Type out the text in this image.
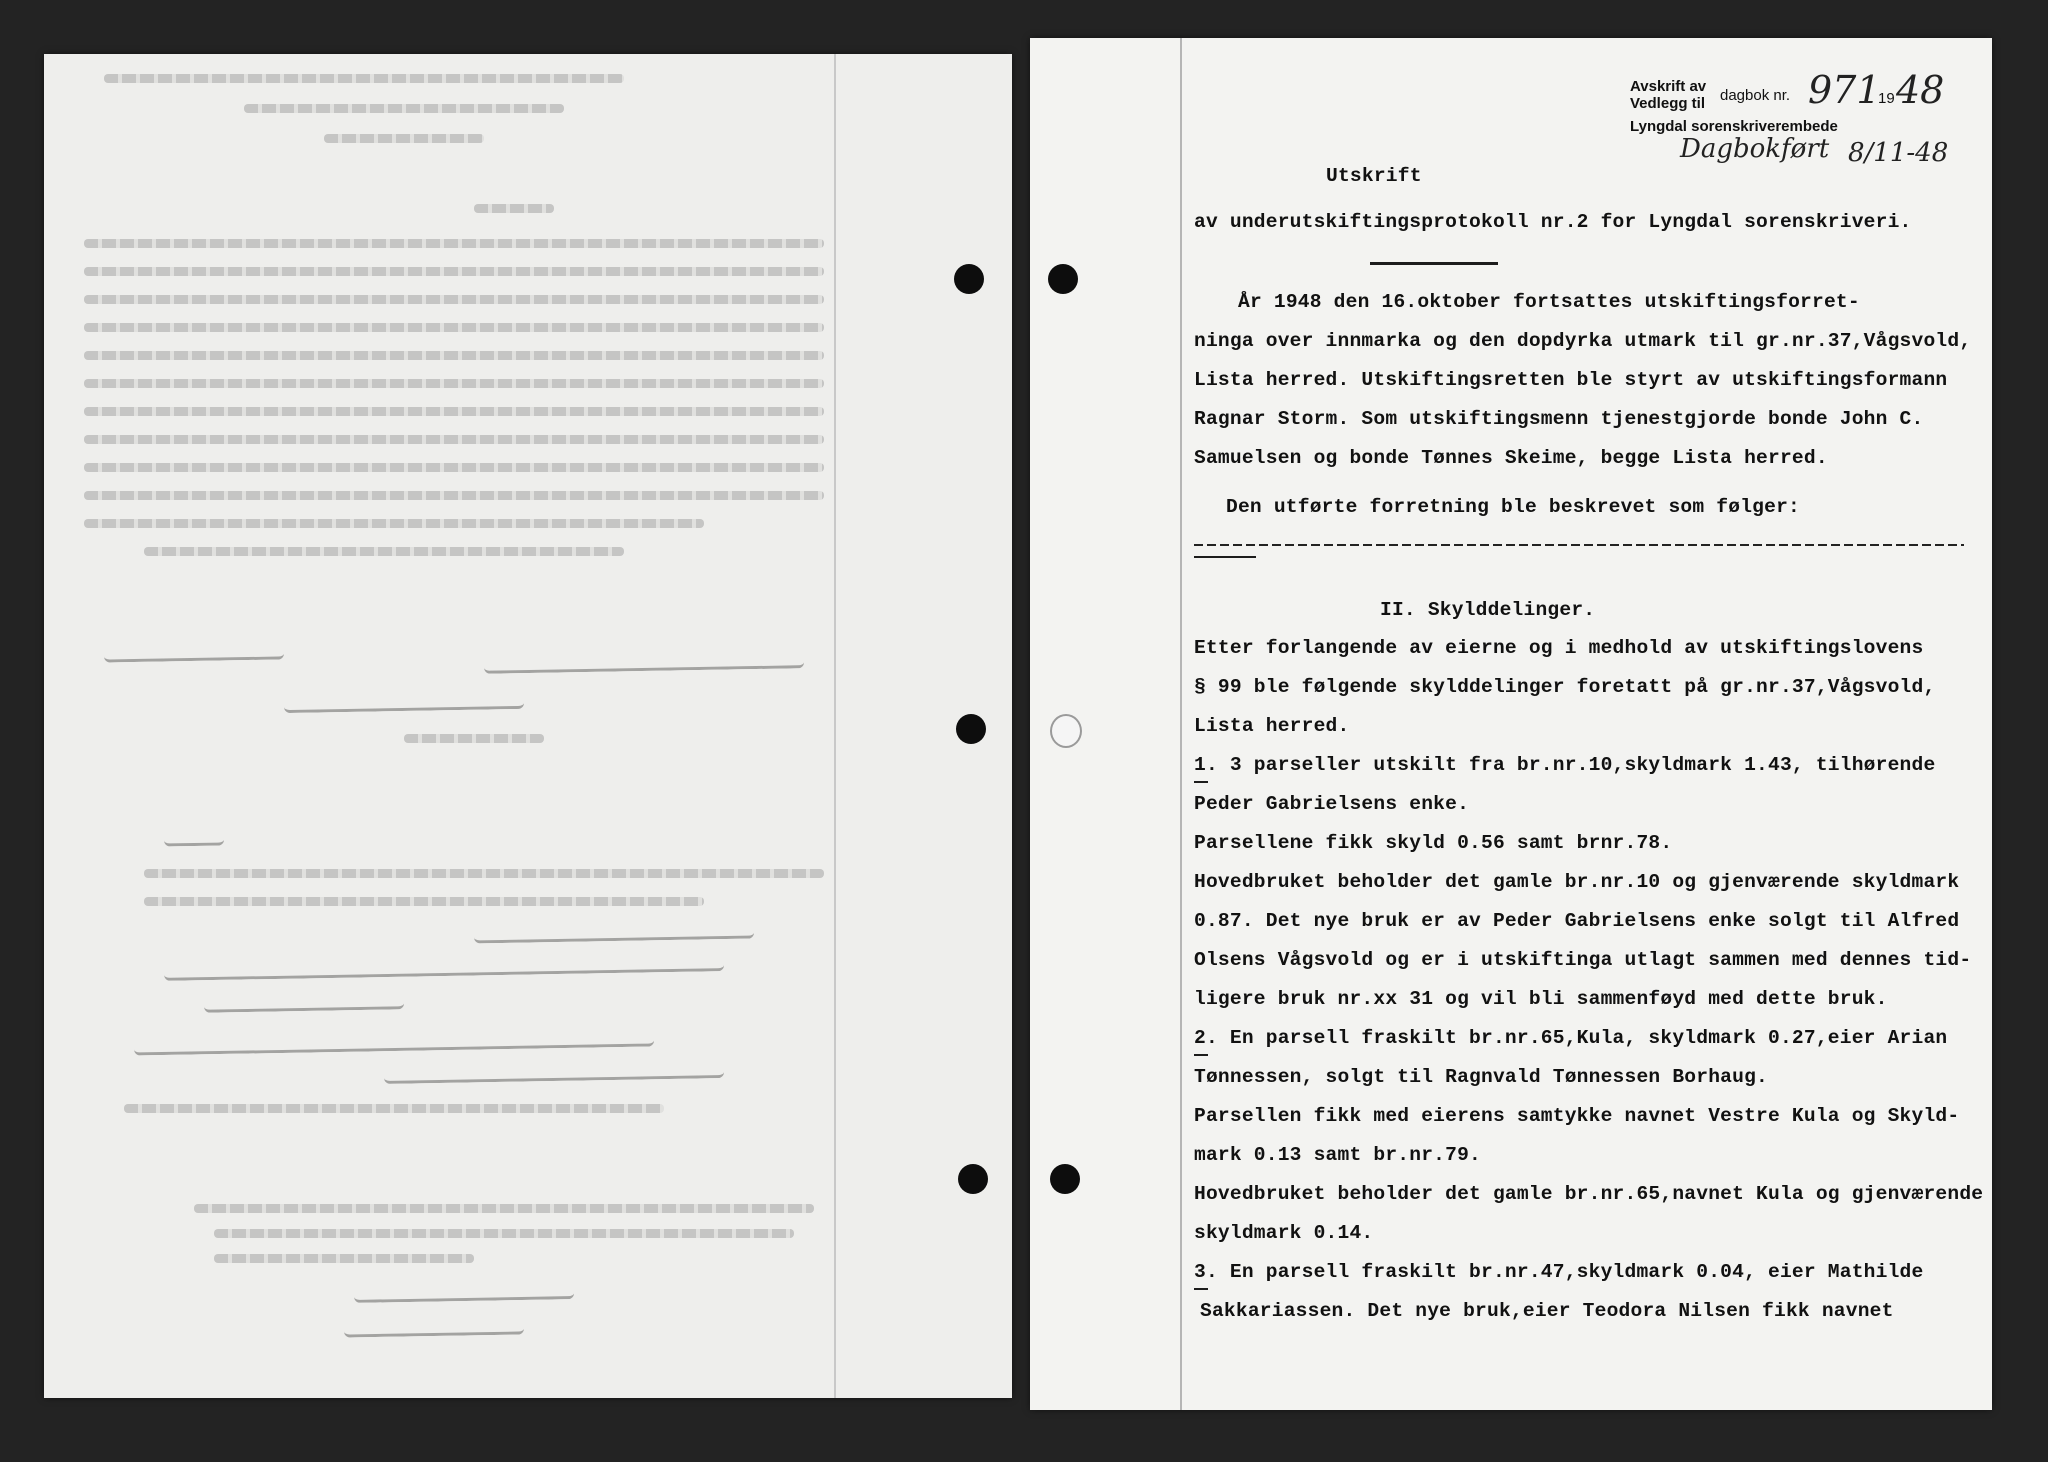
Avskrift av
Vedlegg til dagbok nr. 971
19 48
Lyngdal sorenskriverembede
Dagbokført 8/11-48
Utskrift
av underutskiftingsprotokoll nr.2 for Lyngdal sorenskriveri.
År 1948 den 16.oktober fortsattes utskiftingsforret-
ninga over innmarka og den dopdyrka utmark til gr.nr.37,Vågsvold,
Lista herred. Utskiftingsretten ble styrt av utskiftingsformann
Ragnar Storm. Som utskiftingsmenn tjenestgjorde bonde John C.
Samuelsen og bonde Tønnes Skeime, begge Lista herred.
Den utførte forretning ble beskrevet som følger:
II. Skylddelinger.
Etter forlangende av eierne og i medhold av utskiftingslovens
§ 99 ble følgende skylddelinger foretatt på gr.nr.37,Vågsvold,
Lista herred.
1. 3 parseller utskilt fra br.nr.10,skyldmark 1.43, tilhørende
Peder Gabrielsens enke.
Parsellene fikk skyld 0.56 samt brnr.78.
Hovedbruket beholder det gamle br.nr.10 og gjenværende skyldmark
0.87. Det nye bruk er av Peder Gabrielsens enke solgt til Alfred
Olsens Vågsvold og er i utskiftinga utlagt sammen med dennes tid-
ligere bruk nr.xx 31 og vil bli sammenføyd med dette bruk.
2. En parsell fraskilt br.nr.65,Kula, skyldmark 0.27,eier Arian
Tønnessen, solgt til Ragnvald Tønnessen Borhaug.
Parsellen fikk med eierens samtykke navnet Vestre Kula og Skyld-
mark 0.13 samt br.nr.79.
Hovedbruket beholder det gamle br.nr.65,navnet Kula og gjenværende
skyldmark 0.14.
3. En parsell fraskilt br.nr.47,skyldmark 0.04, eier Mathilde
Sakkariassen. Det nye bruk,eier Teodora Nilsen fikk navnet
